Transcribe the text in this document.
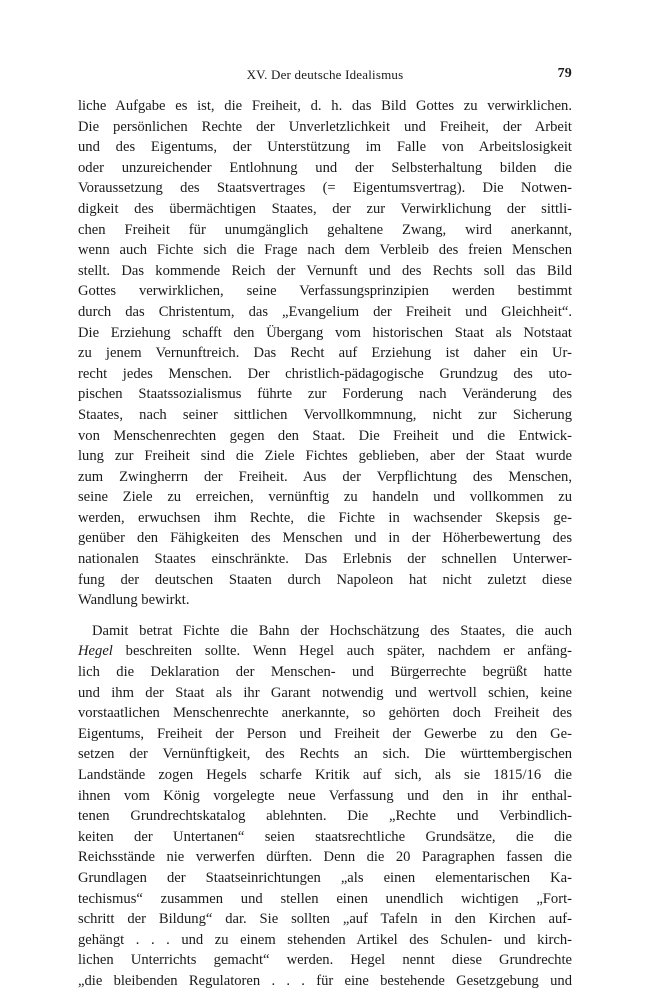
XV. Der deutsche Idealismus	79

liche Aufgabe es ist, die Freiheit, d. h. das Bild Gottes zu verwirklichen.
Die persönlichen Rechte der Unverletzlichkeit und Freiheit, der Arbeit
und des Eigentums, der Unterstützung im Falle von Arbeitslosigkeit
oder unzureichender Entlohnung und der Selbsterhaltung bilden die
Voraussetzung des Staatsvertrages (= Eigentumsvertrag). Die Notwen-
digkeit des übermächtigen Staates, der zur Verwirklichung der sittli-
chen Freiheit für unumgänglich gehaltene Zwang, wird anerkannt,
wenn auch Fichte sich die Frage nach dem Verbleib des freien Menschen
stellt. Das kommende Reich der Vernunft und des Rechts soll das Bild
Gottes verwirklichen, seine Verfassungsprinzipien werden bestimmt
durch das Christentum, das „Evangelium der Freiheit und Gleichheit“.
Die Erziehung schafft den Übergang vom historischen Staat als Notstaat
zu jenem Vernunftreich. Das Recht auf Erziehung ist daher ein Ur-
recht jedes Menschen. Der christlich-pädagogische Grundzug des uto-
pischen Staatssozialismus führte zur Forderung nach Veränderung des
Staates, nach seiner sittlichen Vervollkommnung, nicht zur Sicherung
von Menschenrechten gegen den Staat. Die Freiheit und die Entwick-
lung zur Freiheit sind die Ziele Fichtes geblieben, aber der Staat wurde
zum Zwingherrn der Freiheit. Aus der Verpflichtung des Menschen,
seine Ziele zu erreichen, vernünftig zu handeln und vollkommen zu
werden, erwuchsen ihm Rechte, die Fichte in wachsender Skepsis ge-
genüber den Fähigkeiten des Menschen und in der Höherbewertung des
nationalen Staates einschränkte. Das Erlebnis der schnellen Unterwer-
fung der deutschen Staaten durch Napoleon hat nicht zuletzt diese
Wandlung bewirkt.

Damit betrat Fichte die Bahn der Hochschätzung des Staates, die auch
Hegel beschreiten sollte. Wenn Hegel auch später, nachdem er anfäng-
lich die Deklaration der Menschen- und Bürgerrechte begrüßt hatte
und ihm der Staat als ihr Garant notwendig und wertvoll schien, keine
vorstaatlichen Menschenrechte anerkannte, so gehörten doch Freiheit des
Eigentums, Freiheit der Person und Freiheit der Gewerbe zu den Ge-
setzen der Vernünftigkeit, des Rechts an sich. Die württembergischen
Landstände zogen Hegels scharfe Kritik auf sich, als sie 1815/16 die
ihnen vom König vorgelegte neue Verfassung und den in ihr enthal-
tenen Grundrechtskatalog ablehnten. Die „Rechte und Verbindlich-
keiten der Untertanen“ seien staatsrechtliche Grundsätze, die die
Reichsstände nie verwerfen dürften. Denn die 20 Paragraphen fassen die
Grundlagen der Staatseinrichtungen „als einen elementarischen Ka-
techismus“ zusammen und stellen einen unendlich wichtigen „Fort-
schritt der Bildung“ dar. Sie sollten „auf Tafeln in den Kirchen auf-
gehängt . . . und zu einem stehenden Artikel des Schulen- und kirch-
lichen Unterrichts gemacht“ werden. Hegel nennt diese Grundrechte
„die bleibenden Regulatoren . . . für eine bestehende Gesetzgebung und
